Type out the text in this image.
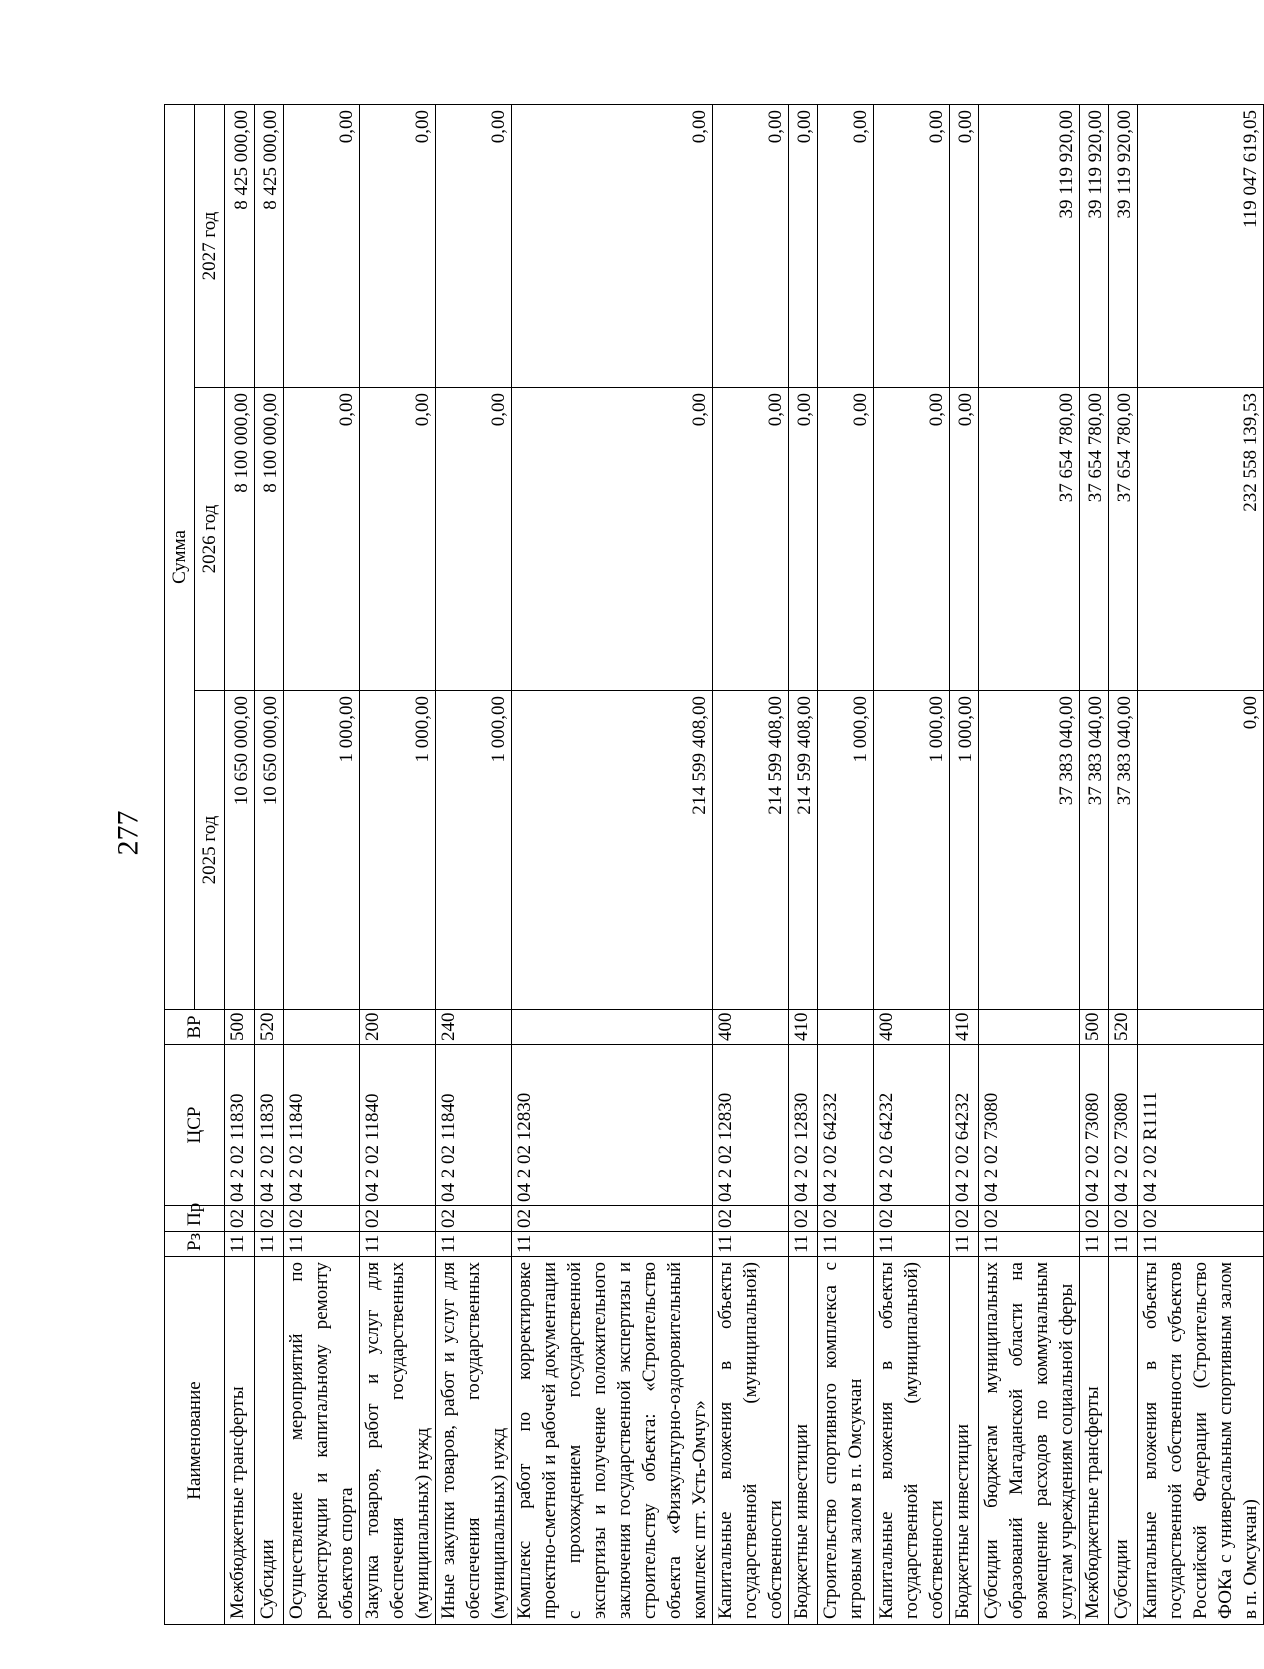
277
Наименование	Рз	Пр	ЦСР	ВР	Сумма		
					2025 год	2026 год	2027 год
Межбюджетные трансферты	11	02	04 2 02 11830	500	10 650 000,00	8 100 000,00	8 425 000,00
Субсидии	11	02	04 2 02 11830	520	10 650 000,00	8 100 000,00	8 425 000,00
Осуществление мероприятий по реконструкции и капитальному ремонту объектов спорта	11	02	04 2 02 11840		1 000,00	0,00	0,00
Закупка товаров, работ и услуг для обеспечения государственных (муниципальных) нужд	11	02	04 2 02 11840	200	1 000,00	0,00	0,00
Иные закупки товаров, работ и услуг для обеспечения государственных (муниципальных) нужд	11	02	04 2 02 11840	240	1 000,00	0,00	0,00
Комплекс работ по корректировке проектно-сметной и рабочей документации с прохождением государственной экспертизы и получение положительного заключения государственной экспертизы и строительству объекта: «Строительство объекта «Физкультурно-оздоровительный комплекс пгт. Усть-Омчуг»	11	02	04 2 02 12830		214 599 408,00	0,00	0,00
Капитальные вложения в объекты государственной (муниципальной) собственности	11	02	04 2 02 12830	400	214 599 408,00	0,00	0,00
Бюджетные инвестиции	11	02	04 2 02 12830	410	214 599 408,00	0,00	0,00
Строительство спортивного комплекса с игровым залом в п. Омсукчан	11	02	04 2 02 64232		1 000,00	0,00	0,00
Капитальные вложения в объекты государственной (муниципальной) собственности	11	02	04 2 02 64232	400	1 000,00	0,00	0,00
Бюджетные инвестиции	11	02	04 2 02 64232	410	1 000,00	0,00	0,00
Субсидии бюджетам муниципальных образований Магаданской области на возмещение расходов по коммунальным услугам учреждениям социальной сферы	11	02	04 2 02 73080		37 383 040,00	37 654 780,00	39 119 920,00
Межбюджетные трансферты	11	02	04 2 02 73080	500	37 383 040,00	37 654 780,00	39 119 920,00
Субсидии	11	02	04 2 02 73080	520	37 383 040,00	37 654 780,00	39 119 920,00
Капитальные вложения в объекты государственной собственности субъектов Российской Федерации (Строительство ФОКа с универсальным спортивным залом в п. Омсукчан)	11	02	04 2 02 R1111		0,00	232 558 139,53	119 047 619,05
